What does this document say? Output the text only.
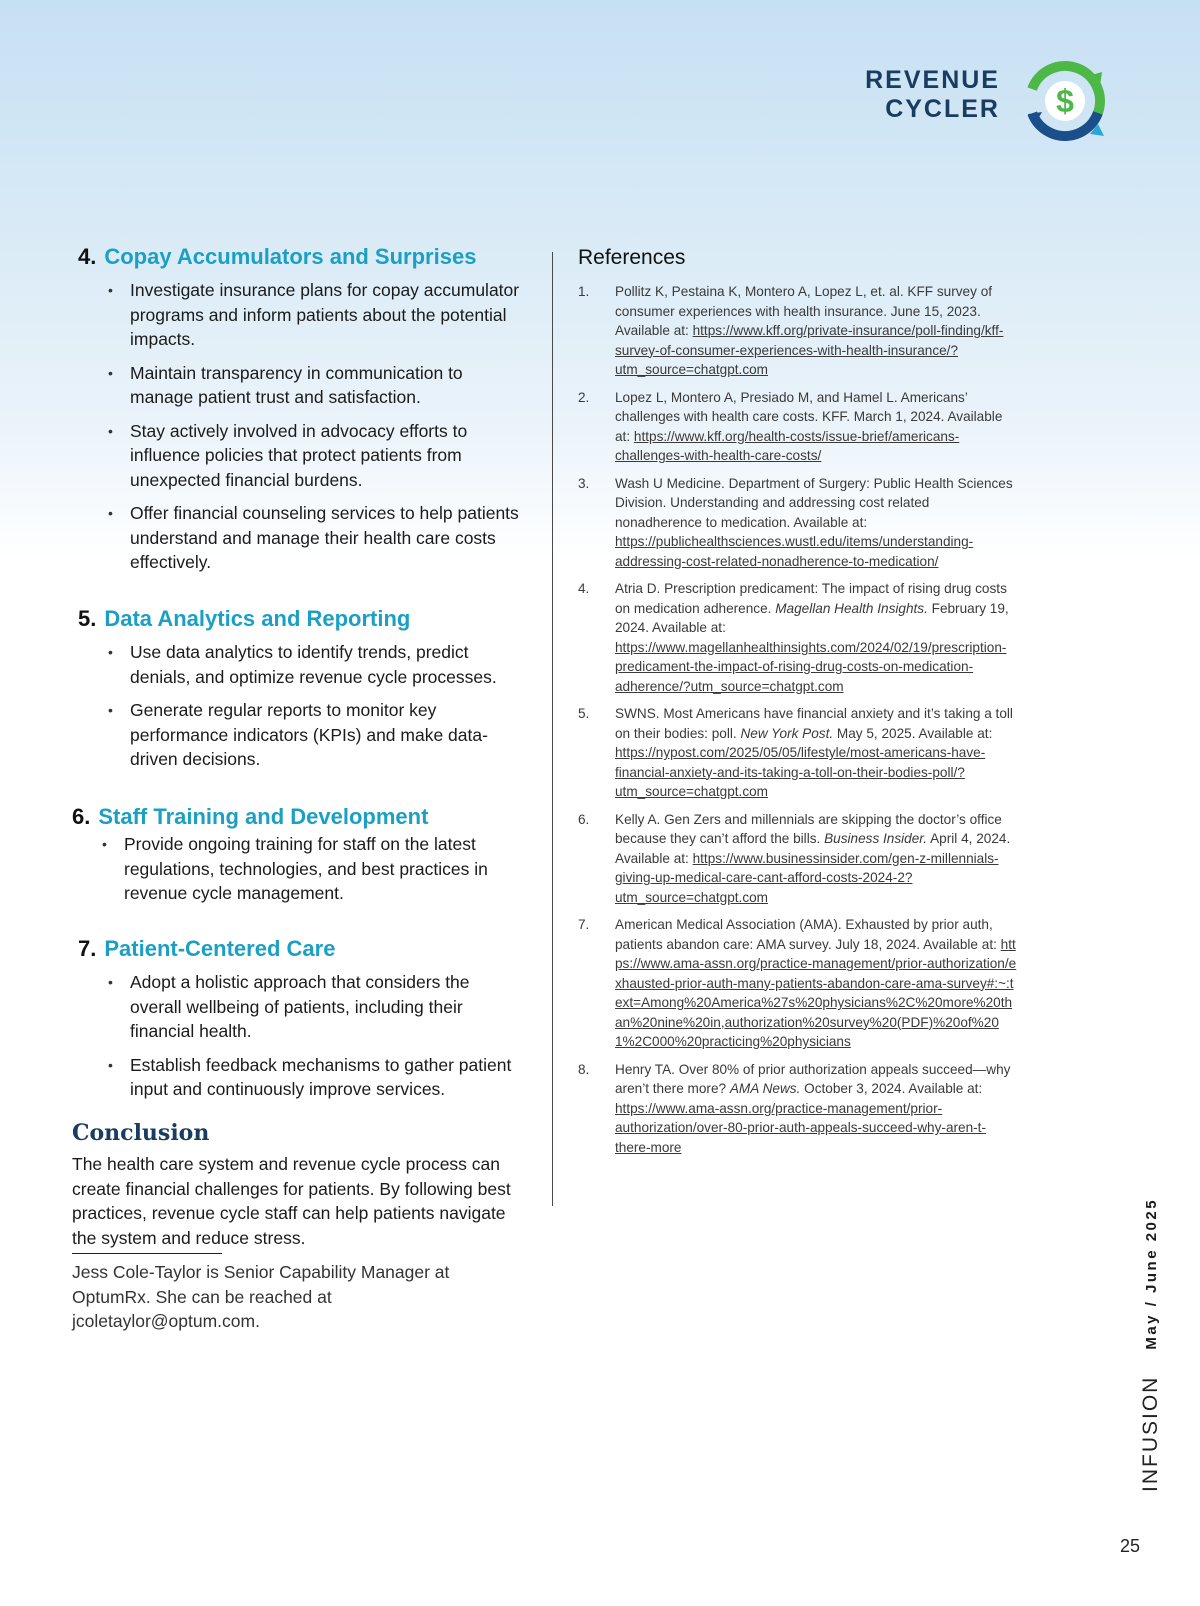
REVENUE CYCLER $
4. Copay Accumulators and Surprises
• Investigate insurance plans for copay accumulator programs and inform patients about the potential impacts.
• Maintain transparency in communication to manage patient trust and satisfaction.
• Stay actively involved in advocacy efforts to influence policies that protect patients from unexpected financial burdens.
• Offer financial counseling services to help patients understand and manage their health care costs effectively.
5. Data Analytics and Reporting
• Use data analytics to identify trends, predict denials, and optimize revenue cycle processes.
• Generate regular reports to monitor key performance indicators (KPIs) and make data-driven decisions.
6. Staff Training and Development
• Provide ongoing training for staff on the latest regulations, technologies, and best practices in revenue cycle management.
7. Patient-Centered Care
• Adopt a holistic approach that considers the overall wellbeing of patients, including their financial health.
• Establish feedback mechanisms to gather patient input and continuously improve services.
Conclusion

The health care system and revenue cycle process can create financial challenges for patients. By following best practices, revenue cycle staff can help patients navigate the system and reduce stress.

Jess Cole-Taylor is Senior Capability Manager at OptumRx. She can be reached at jcoletaylor@optum.com.

References
1. Pollitz K, Pestaina K, Montero A, Lopez L, et. al. KFF survey of consumer experiences with health insurance. June 15, 2023. Available at: https://www.kff.org/private-insurance/poll-finding/kff-survey-of-consumer-experiences-with-health-insurance/?utm_source=chatgpt.com
2. Lopez L, Montero A, Presiado M, and Hamel L. Americans’ challenges with health care costs. KFF. March 1, 2024. Available at: https://www.kff.org/health-costs/issue-brief/americans-challenges-with-health-care-costs/
3. Wash U Medicine. Department of Surgery: Public Health Sciences Division. Understanding and addressing cost related nonadherence to medication. Available at: https://publichealthsciences.wustl.edu/items/understanding-addressing-cost-related-nonadherence-to-medication/
4. Atria D. Prescription predicament: The impact of rising drug costs on medication adherence. Magellan Health Insights. February 19, 2024. Available at: https://www.magellanhealthinsights.com/2024/02/19/prescription-predicament-the-impact-of-rising-drug-costs-on-medication-adherence/?utm_source=chatgpt.com
5. SWNS. Most Americans have financial anxiety and it’s taking a toll on their bodies: poll. New York Post. May 5, 2025. Available at: https://nypost.com/2025/05/05/lifestyle/most-americans-have-financial-anxiety-and-its-taking-a-toll-on-their-bodies-poll/?utm_source=chatgpt.com
6. Kelly A. Gen Zers and millennials are skipping the doctor’s office because they can’t afford the bills. Business Insider. April 4, 2024. Available at: https://www.businessinsider.com/gen-z-millennials-giving-up-medical-care-cant-afford-costs-2024-2?utm_source=chatgpt.com
7. American Medical Association (AMA). Exhausted by prior auth, patients abandon care: AMA survey. July 18, 2024. Available at: https://www.ama-assn.org/practice-management/prior-authorization/exhausted-prior-auth-many-patients-abandon-care-ama-survey#:~:text=Among%20America%27s%20physicians%2C%20more%20than%20nine%20in,authorization%20survey%20(PDF)%20of%201%2C000%20practicing%20physicians
8. Henry TA. Over 80% of prior authorization appeals succeed—why aren’t there more? AMA News. October 3, 2024. Available at: https://www.ama-assn.org/practice-management/prior-authorization/over-80-prior-auth-appeals-succeed-why-aren-t-there-more
INFUSION
May / June 2025
25
